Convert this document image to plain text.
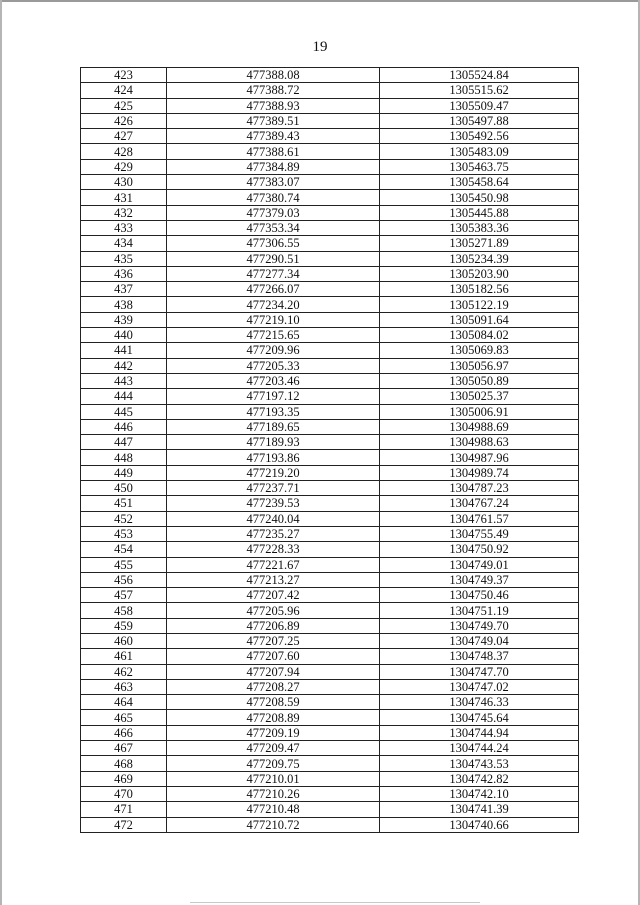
19
423	477388.08	1305524.84
424	477388.72	1305515.62
425	477388.93	1305509.47
426	477389.51	1305497.88
427	477389.43	1305492.56
428	477388.61	1305483.09
429	477384.89	1305463.75
430	477383.07	1305458.64
431	477380.74	1305450.98
432	477379.03	1305445.88
433	477353.34	1305383.36
434	477306.55	1305271.89
435	477290.51	1305234.39
436	477277.34	1305203.90
437	477266.07	1305182.56
438	477234.20	1305122.19
439	477219.10	1305091.64
440	477215.65	1305084.02
441	477209.96	1305069.83
442	477205.33	1305056.97
443	477203.46	1305050.89
444	477197.12	1305025.37
445	477193.35	1305006.91
446	477189.65	1304988.69
447	477189.93	1304988.63
448	477193.86	1304987.96
449	477219.20	1304989.74
450	477237.71	1304787.23
451	477239.53	1304767.24
452	477240.04	1304761.57
453	477235.27	1304755.49
454	477228.33	1304750.92
455	477221.67	1304749.01
456	477213.27	1304749.37
457	477207.42	1304750.46
458	477205.96	1304751.19
459	477206.89	1304749.70
460	477207.25	1304749.04
461	477207.60	1304748.37
462	477207.94	1304747.70
463	477208.27	1304747.02
464	477208.59	1304746.33
465	477208.89	1304745.64
466	477209.19	1304744.94
467	477209.47	1304744.24
468	477209.75	1304743.53
469	477210.01	1304742.82
470	477210.26	1304742.10
471	477210.48	1304741.39
472	477210.72	1304740.66
